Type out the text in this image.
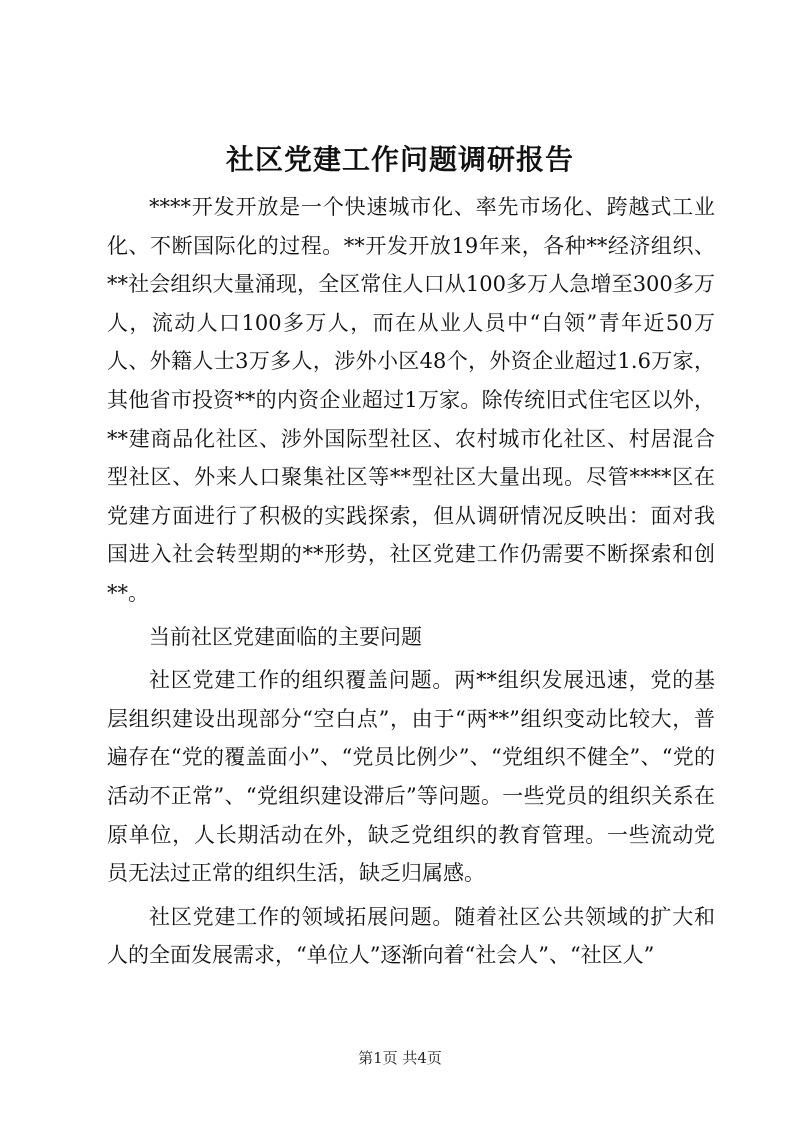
社区党建工作问题调研报告

****开发开放是一个快速城市化、率先市场化、跨越式工业化、不断国际化的过程。**开发开放19年来，各种**经济组织、**社会组织大量涌现，全区常住人口从100多万人急增至300多万人，流动人口100多万人，而在从业人员中“白领”青年近50万人、外籍人士3万多人，涉外小区48个，外资企业超过1.6万家，其他省市投资**的内资企业超过1万家。除传统旧式住宅区以外，**建商品化社区、涉外国际型社区、农村城市化社区、村居混合型社区、外来人口聚集社区等**型社区大量出现。尽管****区在党建方面进行了积极的实践探索，但从调研情况反映出：面对我国进入社会转型期的**形势，社区党建工作仍需要不断探索和创**。

当前社区党建面临的主要问题

社区党建工作的组织覆盖问题。两**组织发展迅速，党的基层组织建设出现部分“空白点”，由于“两**”组织变动比较大，普遍存在“党的覆盖面小”、“党员比例少”、“党组织不健全”、“党的活动不正常”、“党组织建设滞后”等问题。一些党员的组织关系在原单位，人长期活动在外，缺乏党组织的教育管理。一些流动党员无法过正常的组织生活，缺乏归属感。

社区党建工作的领域拓展问题。随着社区公共领域的扩大和人的全面发展需求，“单位人”逐渐向着“社会人”、“社区人”

第1页 共4页
